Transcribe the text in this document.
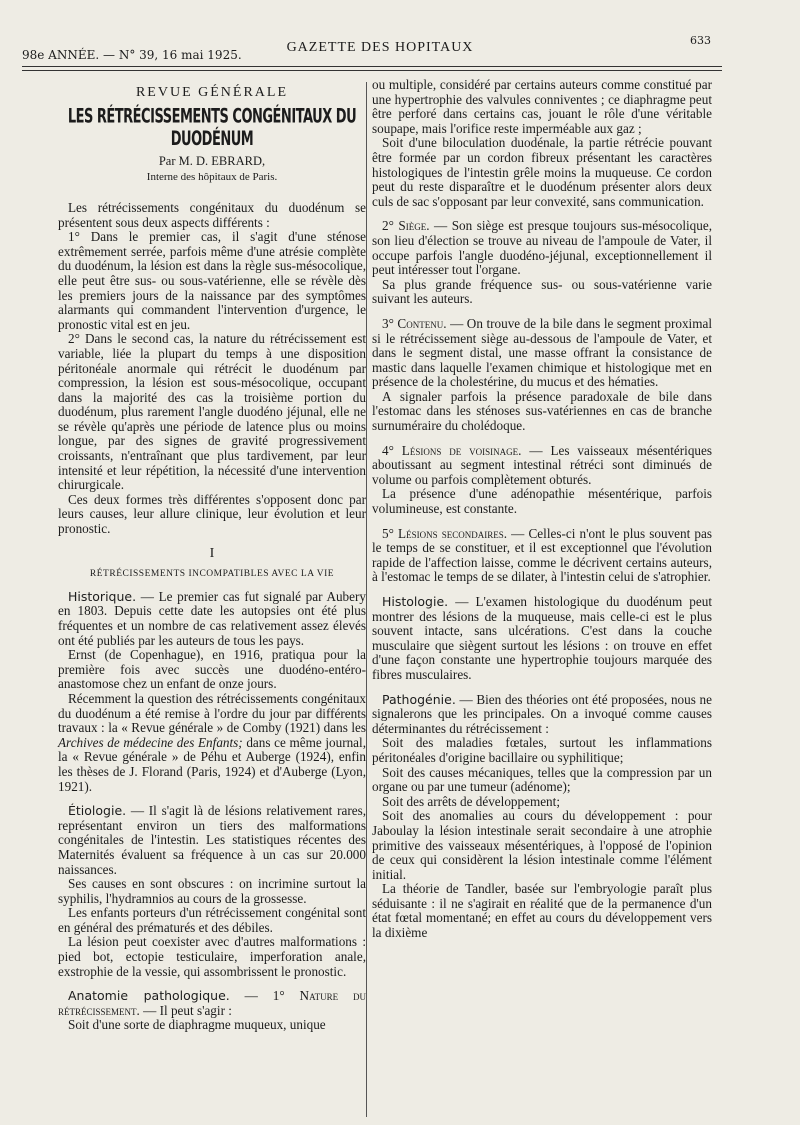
98e ANNÉE. — N° 39, 16 mai 1925.	GAZETTE DES HOPITAUX	633
REVUE GÉNÉRALE
LES RÉTRÉCISSEMENTS CONGÉNITAUX DU DUODÉNUM
Par M. D. EBRARD,
Interne des hôpitaux de Paris.

Les rétrécissements congénitaux du duodénum se présentent sous deux aspects différents :

1° Dans le premier cas, il s'agit d'une sténose extrêmement serrée, parfois même d'une atrésie complète du duodénum, la lésion est dans la règle sus-mésocolique, elle peut être sus- ou sous-vatérienne, elle se révèle dès les premiers jours de la naissance par des symptômes alarmants qui commandent l'intervention d'urgence, le pronostic vital est en jeu.

2° Dans le second cas, la nature du rétrécissement est variable, liée la plupart du temps à une disposition péritonéale anormale qui rétrécit le duodénum par compression, la lésion est sous-mésocolique, occupant dans la majorité des cas la troisième portion du duodénum, plus rarement l'angle duodéno jéjunal, elle ne se révèle qu'après une période de latence plus ou moins longue, par des signes de gravité progressivement croissants, n'entraînant que plus tardivement, par leur intensité et leur répétition, la nécessité d'une intervention chirurgicale.

Ces deux formes très différentes s'opposent donc par leurs causes, leur allure clinique, leur évolution et leur pronostic.

I
RÉTRÉCISSEMENTS INCOMPATIBLES AVEC LA VIE

Historique. — Le premier cas fut signalé par Aubery en 1803. Depuis cette date les autopsies ont été plus fréquentes et un nombre de cas relativement assez élevés ont été publiés par les auteurs de tous les pays.

Ernst (de Copenhague), en 1916, pratiqua pour la première fois avec succès une duodéno-entéro-anastomose chez un enfant de onze jours.

Récemment la question des rétrécissements congénitaux du duodénum a été remise à l'ordre du jour par différents travaux : la « Revue générale » de Comby (1921) dans les Archives de médecine des Enfants; dans ce même journal, la « Revue générale » de Péhu et Auberge (1924), enfin les thèses de J. Florand (Paris, 1924) et d'Auberge (Lyon, 1921).

Étiologie. — Il s'agit là de lésions relativement rares, représentant environ un tiers des malformations congénitales de l'intestin. Les statistiques récentes des Maternités évaluent sa fréquence à un cas sur 20.000 naissances.

Ses causes en sont obscures : on incrimine surtout la syphilis, l'hydramnios au cours de la grossesse.

Les enfants porteurs d'un rétrécissement congénital sont en général des prématurés et des débiles.

La lésion peut coexister avec d'autres malformations : pied bot, ectopie testiculaire, imperforation anale, exstrophie de la vessie, qui assombrissent le pronostic.

Anatomie pathologique. — 1° Nature du rétrécissement. — Il peut s'agir :

Soit d'une sorte de diaphragme muqueux, unique

ou multiple, considéré par certains auteurs comme constitué par une hypertrophie des valvules conniventes ; ce diaphragme peut être perforé dans certains cas, jouant le rôle d'une véritable soupape, mais l'orifice reste imperméable aux gaz ;

Soit d'une biloculation duodénale, la partie rétrécie pouvant être formée par un cordon fibreux présentant les caractères histologiques de l'intestin grêle moins la muqueuse. Ce cordon peut du reste disparaître et le duodénum présenter alors deux culs de sac s'opposant par leur convexité, sans communication.

2° Siège. — Son siège est presque toujours sus-mésocolique, son lieu d'élection se trouve au niveau de l'ampoule de Vater, il occupe parfois l'angle duodéno-jéjunal, exceptionnellement il peut intéresser tout l'organe.

Sa plus grande fréquence sus- ou sous-vatérienne varie suivant les auteurs.

3° Contenu. — On trouve de la bile dans le segment proximal si le rétrécissement siège au-dessous de l'ampoule de Vater, et dans le segment distal, une masse offrant la consistance de mastic dans laquelle l'examen chimique et histologique met en présence de la cholestérine, du mucus et des hématies.

A signaler parfois la présence paradoxale de bile dans l'estomac dans les sténoses sus-vatériennes en cas de branche surnuméraire du cholédoque.

4° Lésions de voisinage. — Les vaisseaux mésentériques aboutissant au segment intestinal rétréci sont diminués de volume ou parfois complètement obturés.

La présence d'une adénopathie mésentérique, parfois volumineuse, est constante.

5° Lésions secondaires. — Celles-ci n'ont le plus souvent pas le temps de se constituer, et il est exceptionnel que l'évolution rapide de l'affection laisse, comme le décrivent certains auteurs, à l'estomac le temps de se dilater, à l'intestin celui de s'atrophier.

Histologie. — L'examen histologique du duodénum peut montrer des lésions de la muqueuse, mais celle-ci est le plus souvent intacte, sans ulcérations. C'est dans la couche musculaire que siègent surtout les lésions : on trouve en effet d'une façon constante une hypertrophie toujours marquée des fibres musculaires.

Pathogénie. — Bien des théories ont été proposées, nous ne signalerons que les principales. On a invoqué comme causes déterminantes du rétrécissement :

Soit des maladies fœtales, surtout les inflammations péritonéales d'origine bacillaire ou syphilitique;

Soit des causes mécaniques, telles que la compression par un organe ou par une tumeur (adénome);

Soit des arrêts de développement;

Soit des anomalies au cours du développement : pour Jaboulay la lésion intestinale serait secondaire à une atrophie primitive des vaisseaux mésentériques, à l'opposé de l'opinion de ceux qui considèrent la lésion intestinale comme l'élément initial.

La théorie de Tandler, basée sur l'embryologie paraît plus séduisante : il ne s'agirait en réalité que de la permanence d'un état fœtal momentané; en effet au cours du développement vers la dixième
